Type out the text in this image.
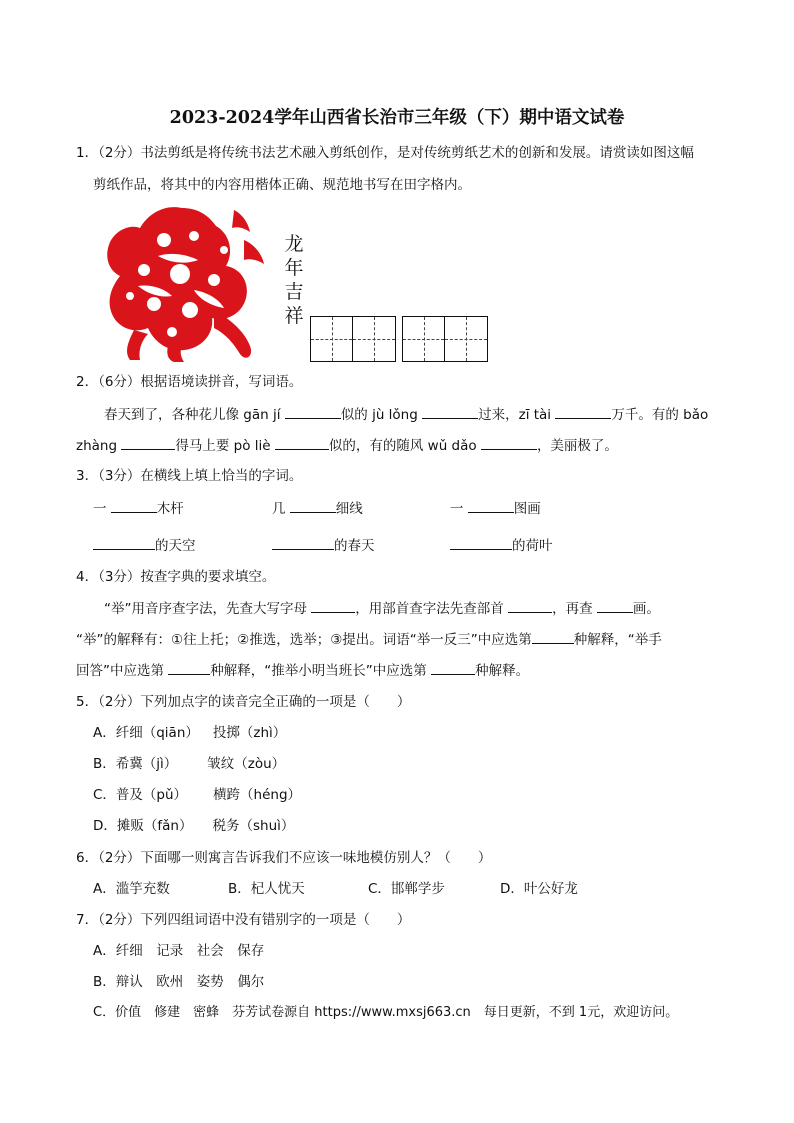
2023-2024学年山西省长治市三年级（下）期中语文试卷
1．（2分）书法剪纸是将传统书法艺术融入剪纸创作，是对传统剪纸艺术的创新和发展。请赏读如图这幅
剪纸作品，将其中的内容用楷体正确、规范地书写在田字格内。
龙
年
吉
祥
2．（6分）根据语境读拼音，写词语。
春天到了，各种花儿像 gān jí	似的 jù lǒng	过来，zī tài	万千。有的 bǎo
zhàng	得马上要 pò liè	似的，有的随风 wǔ dǎo	，美丽极了。
3．（3分）在横线上填上恰当的字词。
一	木杆	几	细线	一	图画
的天空	的春天	的荷叶
4．（3分）按查字典的要求填空。
“举”用音序查字法，先查大写字母	，用部首查字法先查部首	，再查	画。
“举”的解释有：①往上托；②推选，选举；③提出。词语“举一反三”中应选第	种解释，“举手
回答”中应选第	种解释，“推举小明当班长”中应选第	种解释。
5．（2分）下列加点字的读音完全正确的一项是（　　）
A．纤细（qiān） 投掷（zhì）
B．希冀（jì） 皱纹（zòu）
C．普及（pǔ） 横跨（héng）
D．摊贩（fǎn） 税务（shuì）
6．（2分）下面哪一则寓言告诉我们不应该一味地模仿别人？（　　）
A．滥竽充数	B．杞人忧天	C．邯郸学步	D．叶公好龙
7．（2分）下列四组词语中没有错别字的一项是（　　）
A．纤细　 记录　 社会　 保存
B．辩认　 欧州　 姿势　 偶尔
C．价值　 修建　 密蜂　 芬芳试卷源自 https://www.mxsj663.cn　每日更新，不到 1元，欢迎访问。
